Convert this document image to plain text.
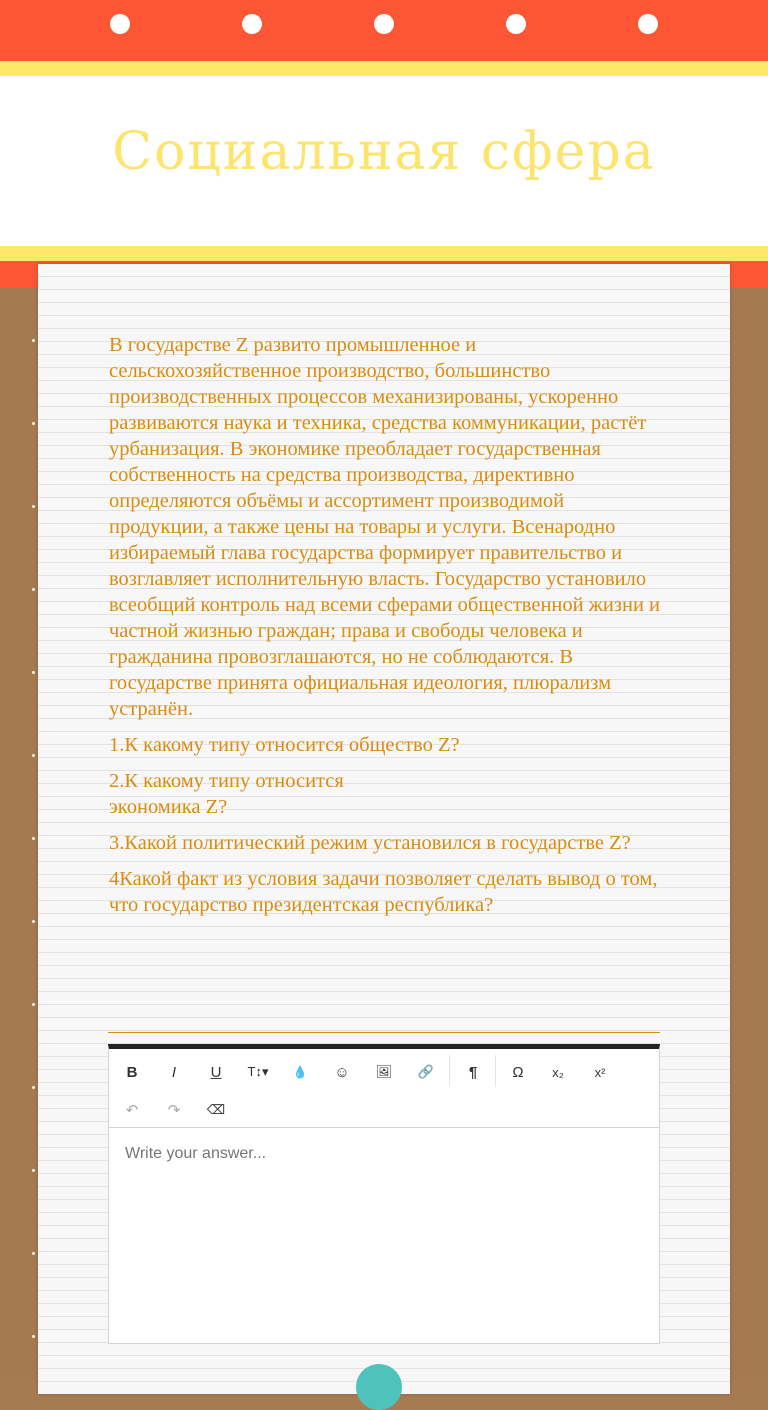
Социальная сфера

В государстве Z развито промышленное и сельскохозяйственное производство, большинство производственных процессов механизированы, ускоренно развиваются наука и техника, средства коммуникации, растёт урбанизация. В экономике преобладает государственная собственность на средства производства, директивно определяются объёмы и ассортимент производимой продукции, а также цены на товары и услуги. Всенародно избираемый глава государства формирует правительство и возглавляет исполнительную власть. Государство установило всеобщий контроль над всеми сферами общественной жизни и частной жизнью граждан; права и свободы человека и гражданина провозглашаются, но не соблюдаются. В государстве принята официальная идеология, плюрализм устранён.

1.К какому типу относится общество Z?

2.К какому типу относится экономика Z?

3.Какой политический режим установился в государстве Z?

4Какой факт из условия задачи позволяет сделать вывод о том, что государство президентская республика?

B	I	U	T↕▾	💧	☺	🖼	🔗	¶	Ω	x₂	x²
↶	↷	⌫
Write your answer...
